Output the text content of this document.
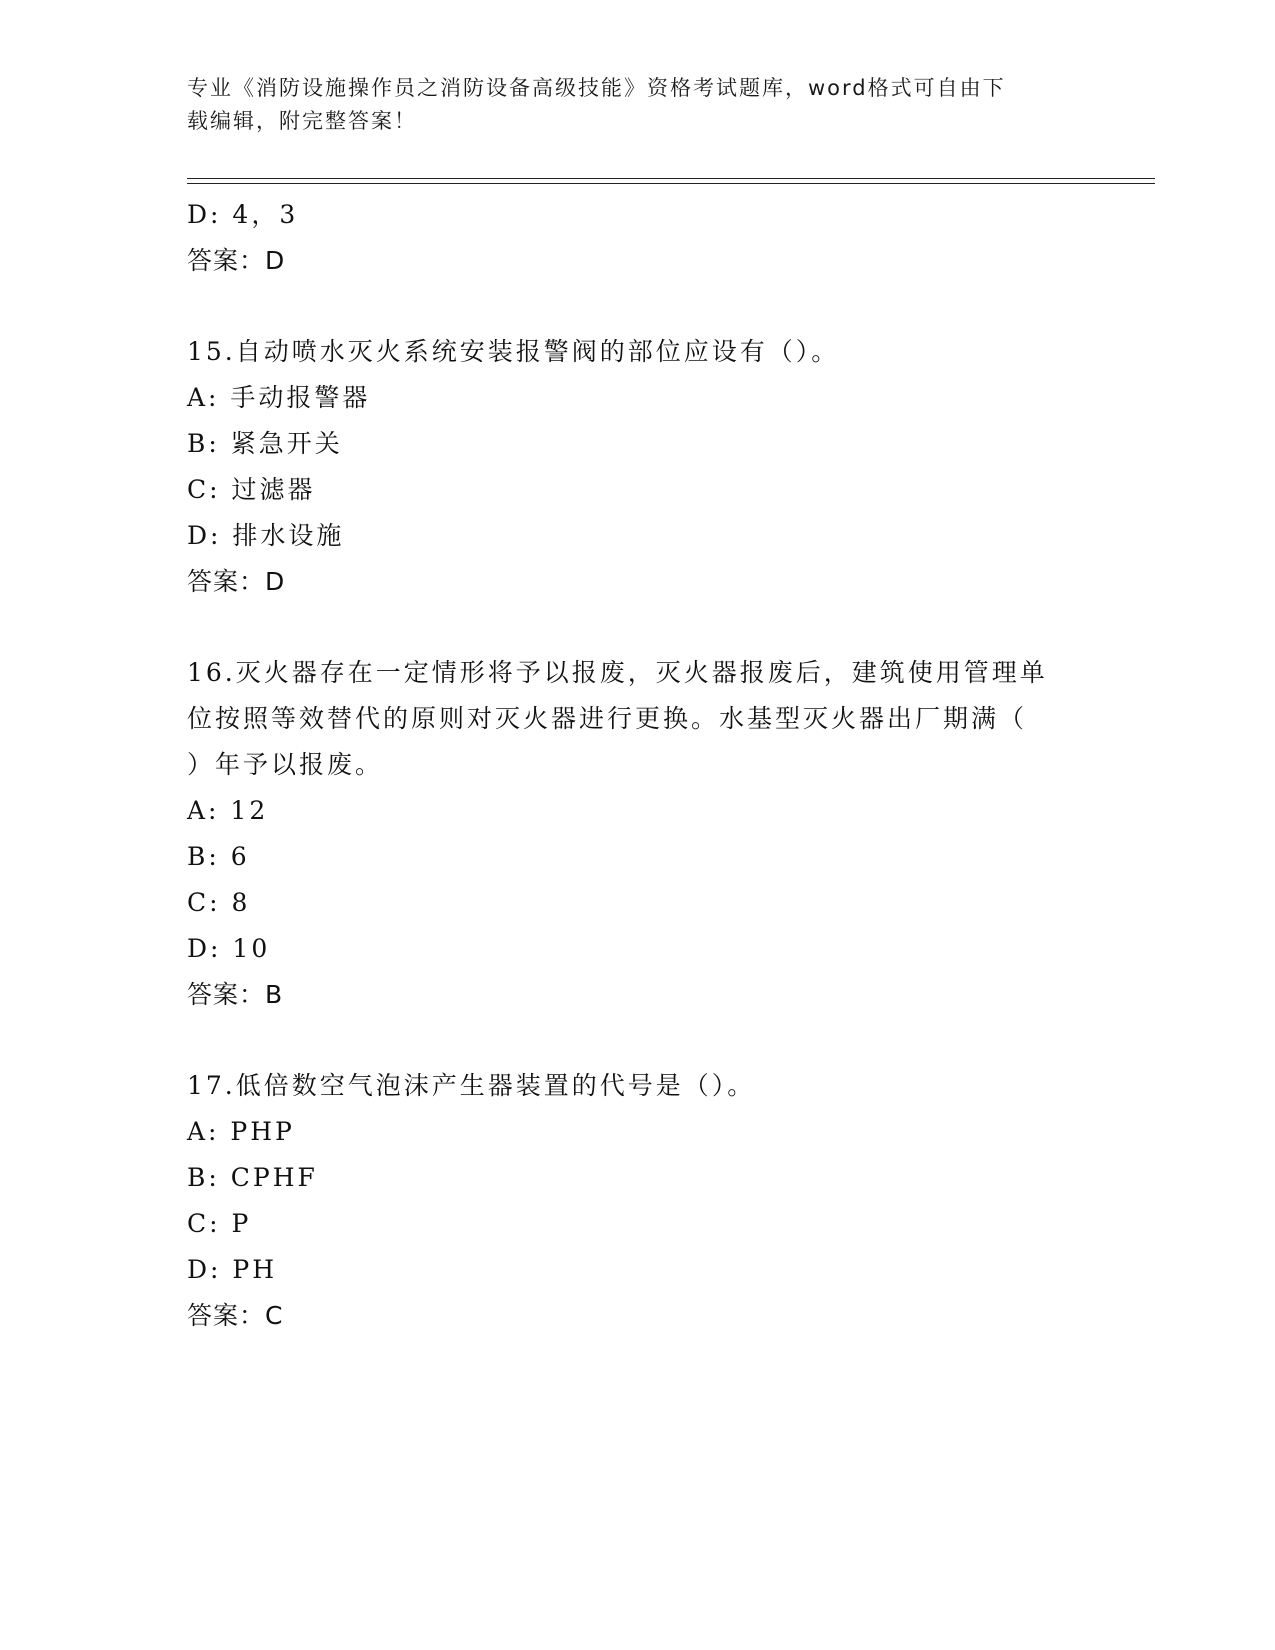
专业《消防设施操作员之消防设备高级技能》资格考试题库，word格式可自由下
载编辑，附完整答案！
D: 4，3
答案：D
15.自动喷水灭火系统安装报警阀的部位应设有（）。
A: 手动报警器
B: 紧急开关
C: 过滤器
D: 排水设施
答案：D
16.灭火器存在一定情形将予以报废，灭火器报废后，建筑使用管理单
位按照等效替代的原则对灭火器进行更换。水基型灭火器出厂期满（
）年予以报废。
A: 12
B: 6
C: 8
D: 10
答案：B
17.低倍数空气泡沫产生器装置的代号是（）。
A: PHP
B: CPHF
C: P
D: PH
答案：C
